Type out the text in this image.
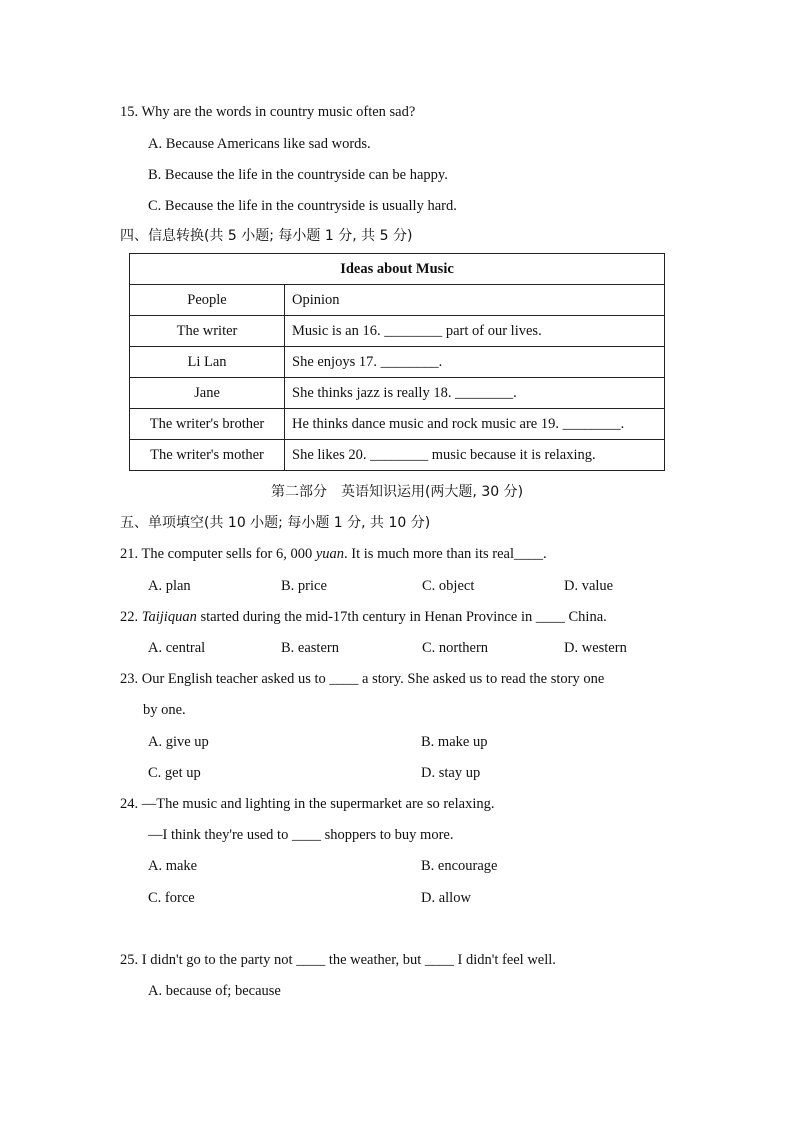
15. Why are the words in country music often sad?
A. Because Americans like sad words.
B. Because the life in the countryside can be happy.
C. Because the life in the countryside is usually hard.
四、信息转换(共 5 小题; 每小题 1 分, 共 5 分)
Ideas about Music	
People	Opinion
The writer	Music is an 16. ________ part of our lives.
Li Lan	She enjoys 17. ________.
Jane	She thinks jazz is really 18. ________.
The writer's brother	He thinks dance music and rock music are 19. ________.
The writer's mother	She likes 20. ________ music because it is relaxing.
第二部分　英语知识运用(两大题, 30 分)
五、单项填空(共 10 小题; 每小题 1 分, 共 10 分)
21. The computer sells for 6, 000 yuan. It is much more than its real____.
A. plan	B. price	C. object	D. value
22. Taijiquan started during the mid-17th century in Henan Province in ____ China.
A. central	B. eastern	C. northern	D. western
23. Our English teacher asked us to ____ a story. She asked us to read the story one
by one.
A. give up	B. make up
C. get up	D. stay up
24. —The music and lighting in the supermarket are so relaxing.
—I think they're used to ____ shoppers to buy more.
A. make	B. encourage
C. force	D. allow
25. I didn't go to the party not ____ the weather, but ____ I didn't feel well.
A. because of; because
